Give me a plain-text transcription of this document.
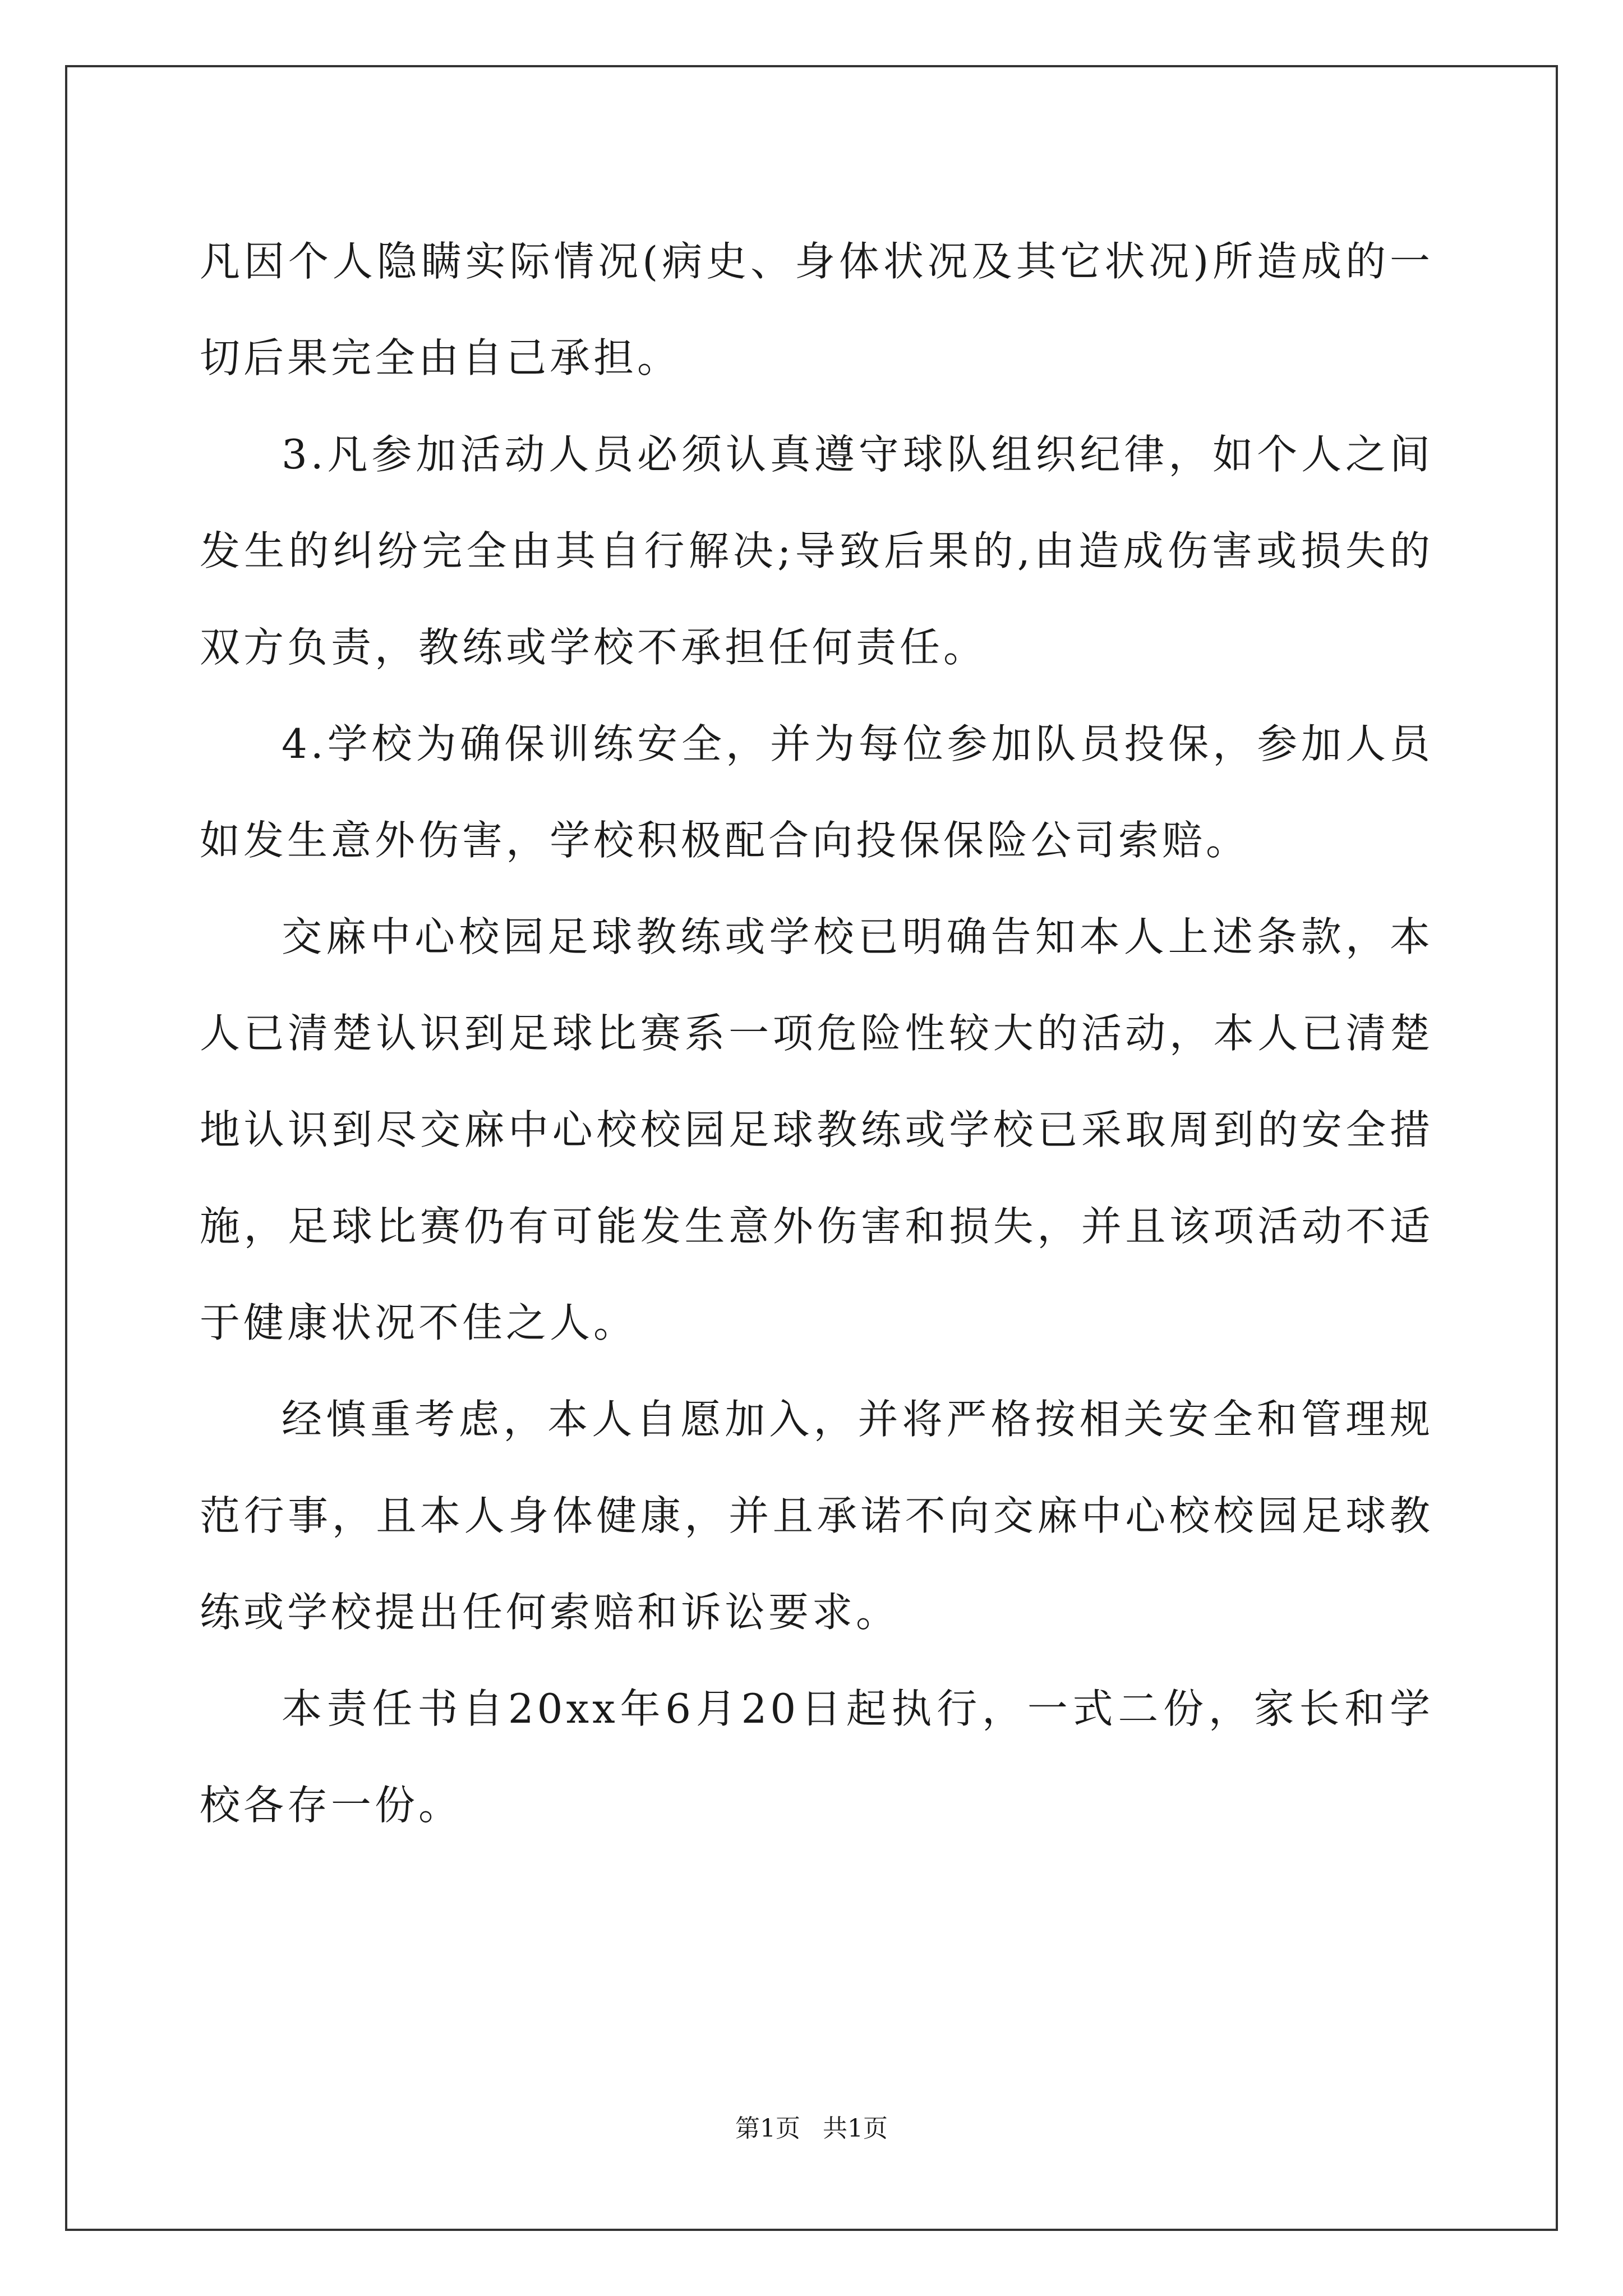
凡因个人隐瞒实际情况(病史、身体状况及其它状况)所造成的一切后果完全由自己承担。

3.凡参加活动人员必须认真遵守球队组织纪律，如个人之间发生的纠纷完全由其自行解决;导致后果的,由造成伤害或损失的双方负责，教练或学校不承担任何责任。

4.学校为确保训练安全，并为每位参加队员投保，参加人员如发生意外伤害，学校积极配合向投保保险公司索赔。

交麻中心校园足球教练或学校已明确告知本人上述条款，本人已清楚认识到足球比赛系一项危险性较大的活动，本人已清楚地认识到尽交麻中心校校园足球教练或学校已采取周到的安全措施，足球比赛仍有可能发生意外伤害和损失，并且该项活动不适于健康状况不佳之人。

经慎重考虑，本人自愿加入，并将严格按相关安全和管理规范行事，且本人身体健康，并且承诺不向交麻中心校校园足球教练或学校提出任何索赔和诉讼要求。

本责任书自20xx年6月20日起执行，一式二份，家长和学校各存一份。

第1页 共1页
